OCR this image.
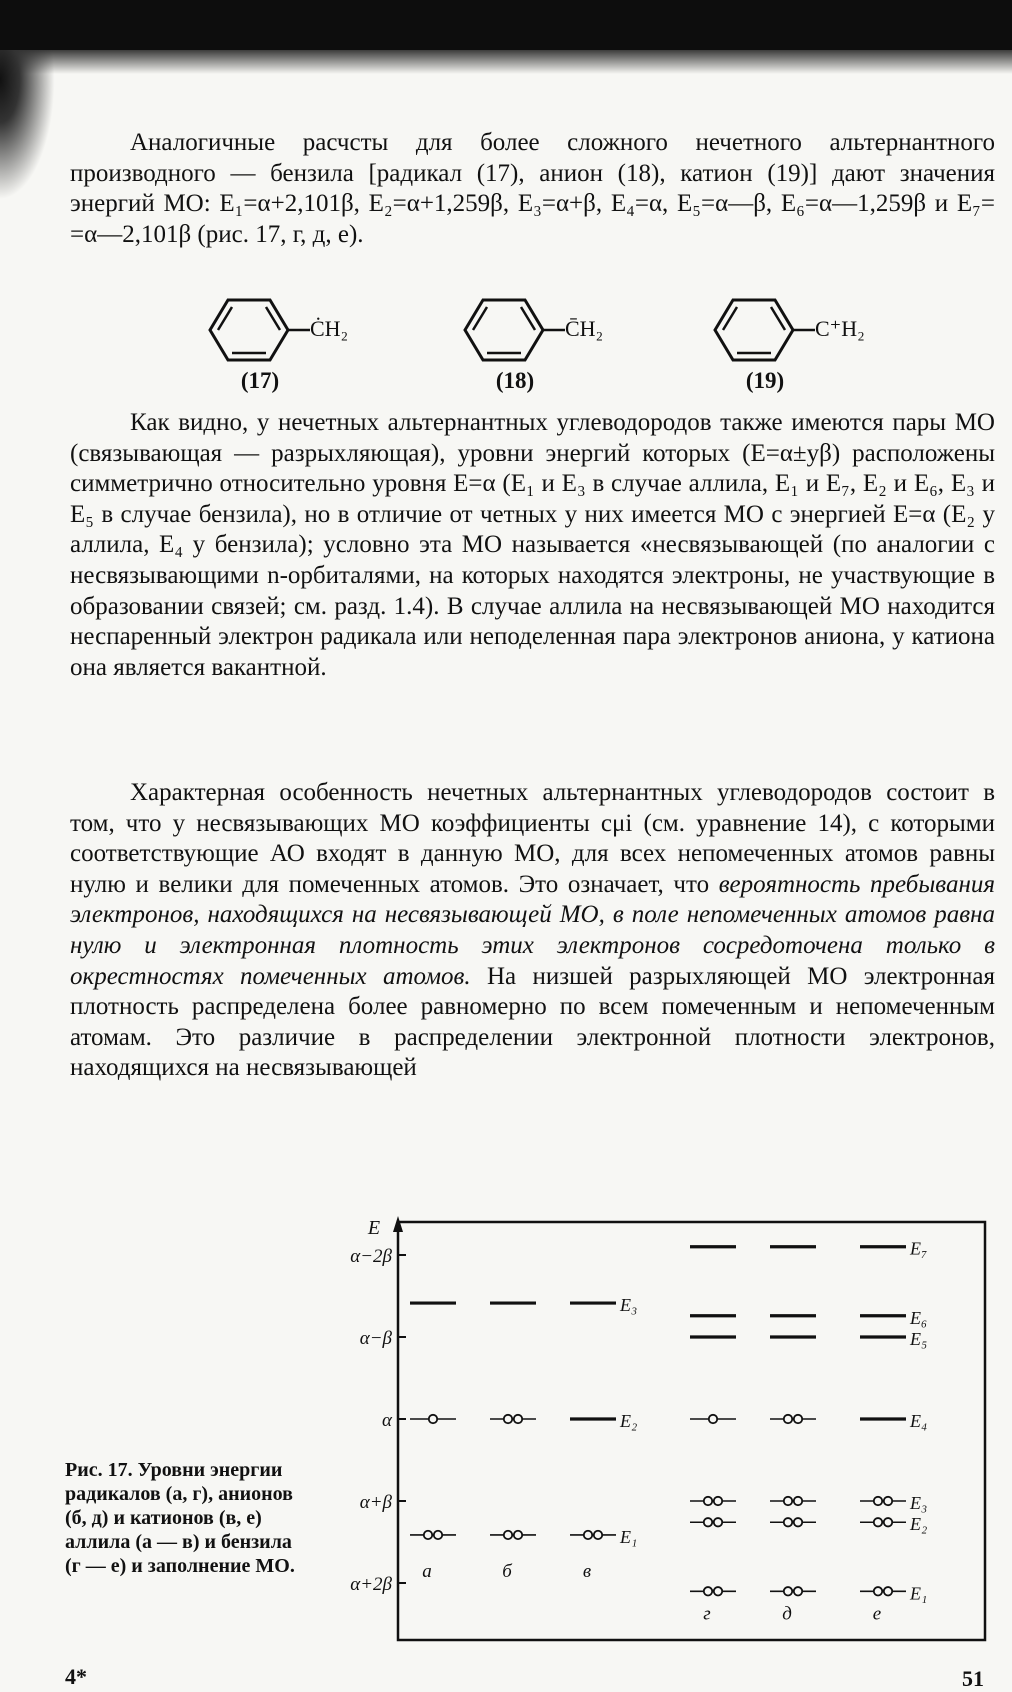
Аналогичные расчсты для более сложного нечетного альтернантного производного — бензила [радикал (17), анион (18), катион (19)] дают значения энергий МО: E₁=α+2,101β, E₂=α+1,259β, E₃=α+β, E₄=α, E₅=α—β, E₆=α—1,259β и E₇= =α—2,101β (рис. 17, г, д, е).

ĊH₂
(17)
C̄H₂
(18)
C⁺H₂
(19)

Как видно, у нечетных альтернантных углеводородов также имеются пары МО (связывающая — разрыхляющая), уровни энергий которых (E=α±yβ) расположены симметрично относительно уровня E=α (E₁ и E₃ в случае аллила, E₁ и E₇, E₂ и E₆, E₃ и E₅ в случае бензила), но в отличие от четных у них имеется МО с энергией E=α (E₂ у аллила, E₄ у бензила); условно эта МО называется «несвязывающей (по аналогии с несвязывающими n-орбиталями, на которых находятся электроны, не участвующие в образовании связей; см. разд. 1.4). В случае аллила на несвязывающей МО находится неспаренный электрон радикала или неподеленная пара электронов аниона, у катиона она является вакантной.

Характерная особенность нечетных альтернантных углеводородов состоит в том, что у несвязывающих МО коэффициенты cμi (см. уравнение 14), с которыми соответствующие АО входят в данную МО, для всех непомеченных атомов равны нулю и велики для помеченных атомов. Это означает, что вероятность пребывания электронов, находящихся на несвязывающей МО, в поле непомеченных атомов равна нулю и электронная плотность этих электронов сосредоточена только в окрестностях помеченных атомов. На низшей разрыхляющей МО электронная плотность распределена более равномерно по всем помеченным и непомеченным атомам. Это различие в распределении электронной плотности электронов, находящихся на несвязывающей

E
α−2β
α−β
α
α+β
α+2β
а	б
E₃
E₂
E₁
в
г	д
E₇
E₆
E₅
E₄
E₃
E₂
E₁
е
Рис. 17. Уровни энергии радикалов (а, г), анионов (б, д) и катионов (в, е) аллила (а — в) и бензила (г — е) и заполнение МО.
4*	51
